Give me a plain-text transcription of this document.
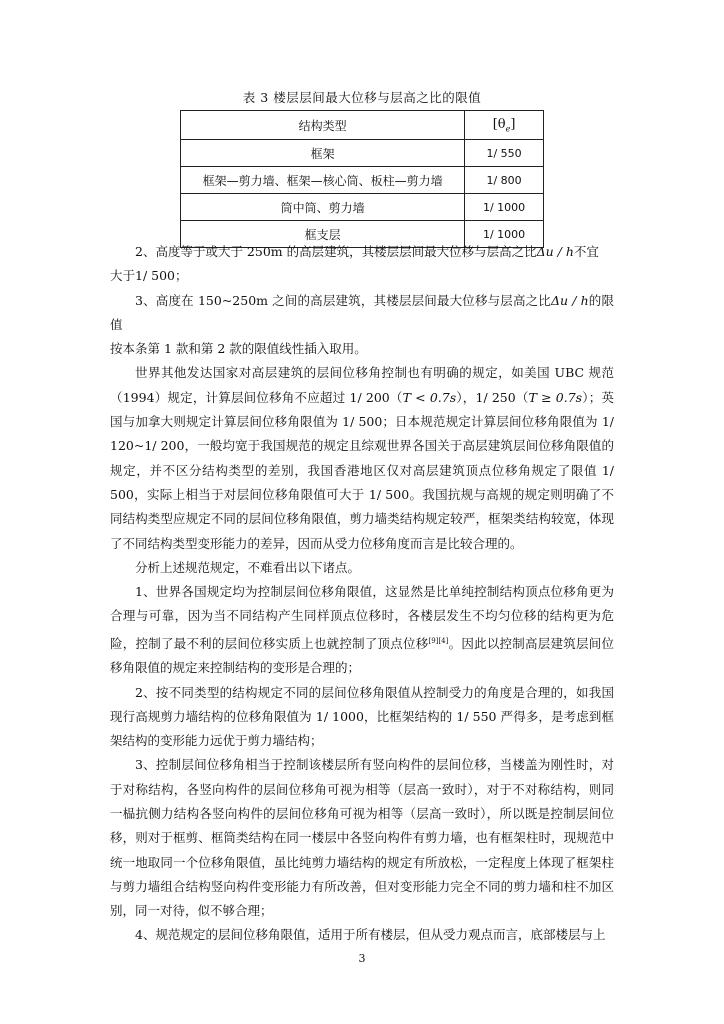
表 3 楼层层间最大位移与层高之比的限值
结构类型	$[\theta_e]$
框架	1/ 550
框架—剪力墙、框架—核心筒、板柱—剪力墙	1/ 800
筒中筒、剪力墙	1/ 1000
框支层	1/ 1000

2、高度等于或大于 250m 的高层建筑，其楼层层间最大位移与层高之比Δu / h不宜

大于1/ 500；

3、高度在 150~250m 之间的高层建筑，其楼层层间最大位移与层高之比Δu / h的限值

按本条第 1 款和第 2 款的限值线性插入取用。

世界其他发达国家对高层建筑的层间位移角控制也有明确的规定，如美国 UBC 规范（1994）规定，计算层间位移角不应超过 1/ 200（T < 0.7s），1/ 250（T ≥ 0.7s）；英国与加拿大则规定计算层间位移角限值为 1/ 500；日本规范规定计算层间位移角限值为 1/ 120~1/ 200，一般均宽于我国规范的规定且综观世界各国关于高层建筑层间位移角限值的规定，并不区分结构类型的差别，我国香港地区仅对高层建筑顶点位移角规定了限值 1/ 500，实际上相当于对层间位移角限值可大于 1/ 500。我国抗规与高规的规定则明确了不同结构类型应规定不同的层间位移角限值，剪力墙类结构规定较严，框架类结构较宽，体现了不同结构类型变形能力的差异，因而从受力位移角度而言是比较合理的。

分析上述规范规定，不难看出以下诸点。

1、世界各国规定均为控制层间位移角限值，这显然是比单纯控制结构顶点位移角更为合理与可靠，因为当不同结构产生同样顶点位移时，各楼层发生不均匀位移的结构更为危险，控制了最不利的层间位移实质上也就控制了顶点位移[9][4]。因此以控制高层建筑层间位移角限值的规定来控制结构的变形是合理的；

2、按不同类型的结构规定不同的层间位移角限值从控制受力的角度是合理的，如我国现行高规剪力墙结构的位移角限值为 1/ 1000，比框架结构的 1/ 550 严得多，是考虑到框架结构的变形能力远优于剪力墙结构；

3、控制层间位移角相当于控制该楼层所有竖向构件的层间位移，当楼盖为刚性时，对于对称结构，各竖向构件的层间位移角可视为相等（层高一致时），对于不对称结构，则同一榀抗侧力结构各竖向构件的层间位移角可视为相等（层高一致时），所以既是控制层间位移，则对于框剪、框筒类结构在同一楼层中各竖向构件有剪力墙，也有框架柱时，现规范中统一地取同一个位移角限值，虽比纯剪力墙结构的规定有所放松，一定程度上体现了框架柱与剪力墙组合结构竖向构件变形能力有所改善，但对变形能力完全不同的剪力墙和柱不加区别，同一对待，似不够合理；

4、规范规定的层间位移角限值，适用于所有楼层，但从受力观点而言，底部楼层与上

3
